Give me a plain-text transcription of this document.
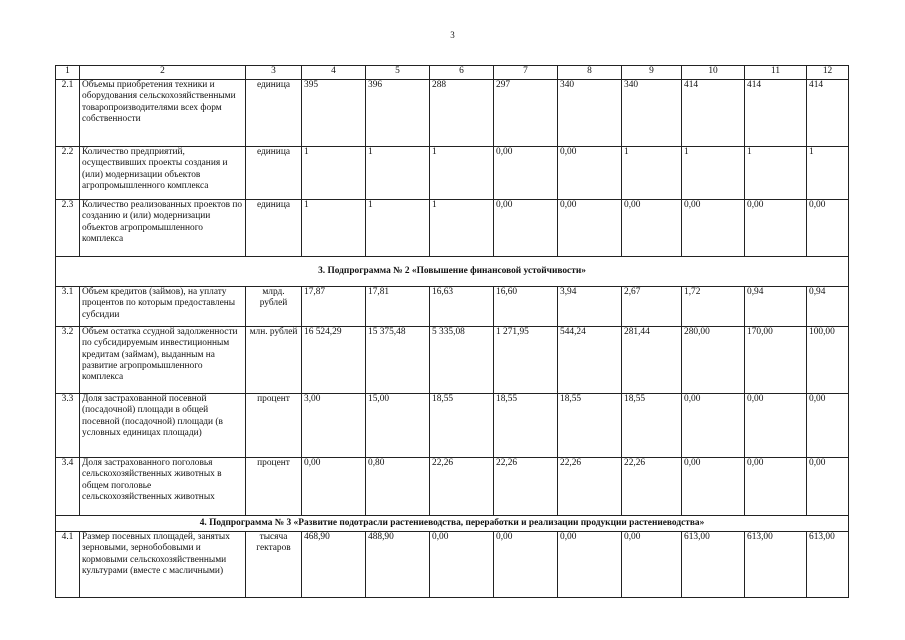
3
1	2	3	4	5	6	7	8	9	10	11	12
2.1	Объемы приобретения техники и оборудования сельскохозяйственными товаропроизводителями всех форм собственности	единица	395	396	288	297	340	340	414	414	414
2.2	Количество предприятий, осуществивших проекты создания и (или) модернизации объектов агропромышленного комплекса	единица	1	1	1	0,00	0,00	1	1	1	1
2.3	Количество реализованных проектов по созданию и (или) модернизации объектов агропромышленного комплекса	единица	1	1	1	0,00	0,00	0,00	0,00	0,00	0,00
3. Подпрограмма № 2 «Повышение финансовой устойчивости»											
3.1	Объем кредитов (займов), на уплату процентов по которым предоставлены субсидии	млрд. рублей	17,87	17,81	16,63	16,60	3,94	2,67	1,72	0,94	0,94
3.2	Объем остатка ссудной задолженности по субсидируемым инвестиционным кредитам (займам), выданным на развитие агропромышленного комплекса	млн. рублей	16 524,29	15 375,48	5 335,08	1 271,95	544,24	281,44	280,00	170,00	100,00
3.3	Доля застрахованной посевной (посадочной) площади в общей посевной (посадочной) площади (в условных единицах площади)	процент	3,00	15,00	18,55	18,55	18,55	18,55	0,00	0,00	0,00
3.4	Доля застрахованного поголовья сельскохозяйственных животных в общем поголовье сельскохозяйственных животных	процент	0,00	0,80	22,26	22,26	22,26	22,26	0,00	0,00	0,00
4. Подпрограмма № 3 «Развитие подотрасли растениеводства, переработки и реализации продукции растениеводства»											
4.1	Размер посевных площадей, занятых зерновыми, зернобобовыми и кормовыми сельскохозяйственными культурами (вместе с масличными)	тысяча гектаров	468,90	488,90	0,00	0,00	0,00	0,00	613,00	613,00	613,00
